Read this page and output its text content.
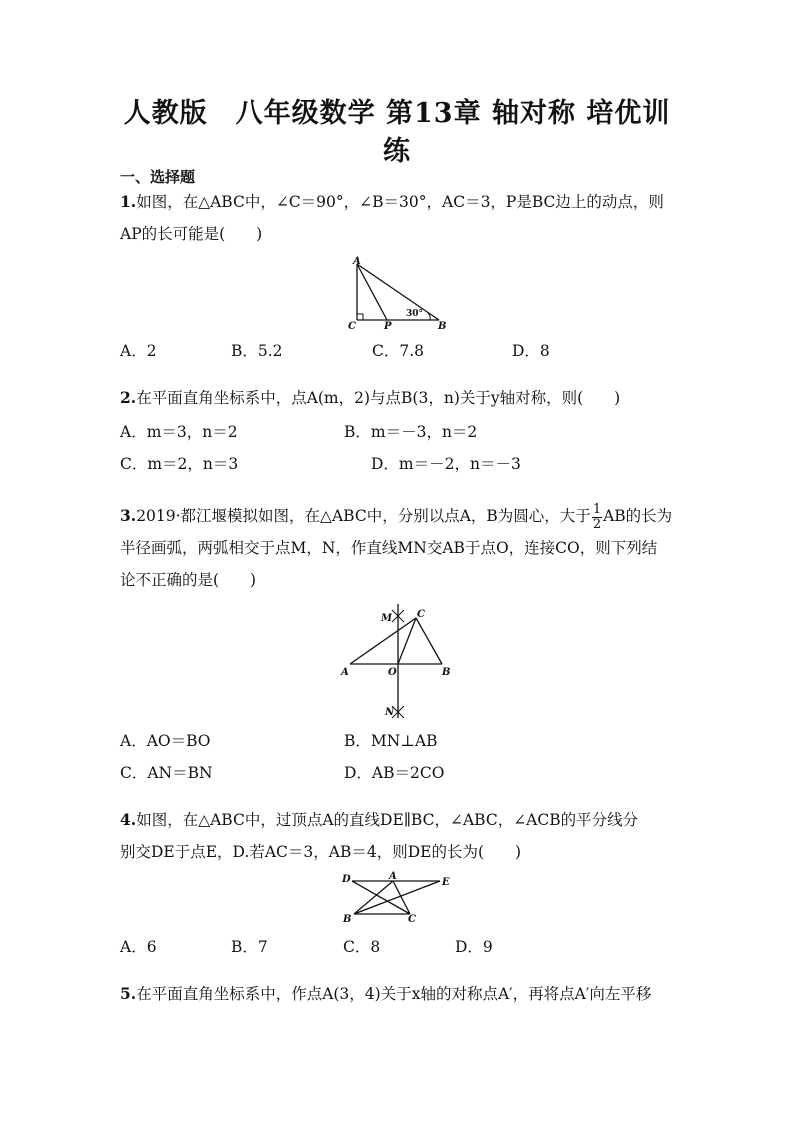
人教版　八年级数学 第13章 轴对称 培优训
练
一、选择题
1.如图，在△ABC中，∠C＝90°，∠B＝30°，AC＝3，P是BC边上的动点，则
AP的长可能是(　　)
A
C	P	B
30°
A．2	B．5.2	C．7.8	D．8
2.在平面直角坐标系中，点A(m，2)与点B(3，n)关于y轴对称，则(　　)
A．m＝3，n＝2	B．m＝－3，n＝2
C．m＝2，n＝3	D．m＝－2，n＝－3
3.2019·都江堰模拟如图，在△ABC中，分别以点A，B为圆心，大于 $\frac{1}{2}$ AB的长为
半径画弧，两弧相交于点M，N，作直线MN交AB于点O，连接CO，则下列结
论不正确的是(　　)
M C
A	O	B
N
A．AO＝BO	B．MN⊥AB
C．AN＝BN	D．AB＝2CO
4.如图，在△ABC中，过顶点A的直线DE∥BC，∠ABC，∠ACB的平分线分
别交DE于点E，D.若AC＝3，AB＝4，则DE的长为(　　)
D	A
E
B	C
A．6	B．7	C．8	D．9
5.在平面直角坐标系中，作点A(3，4)关于x轴的对称点A′，再将点A′向左平移
